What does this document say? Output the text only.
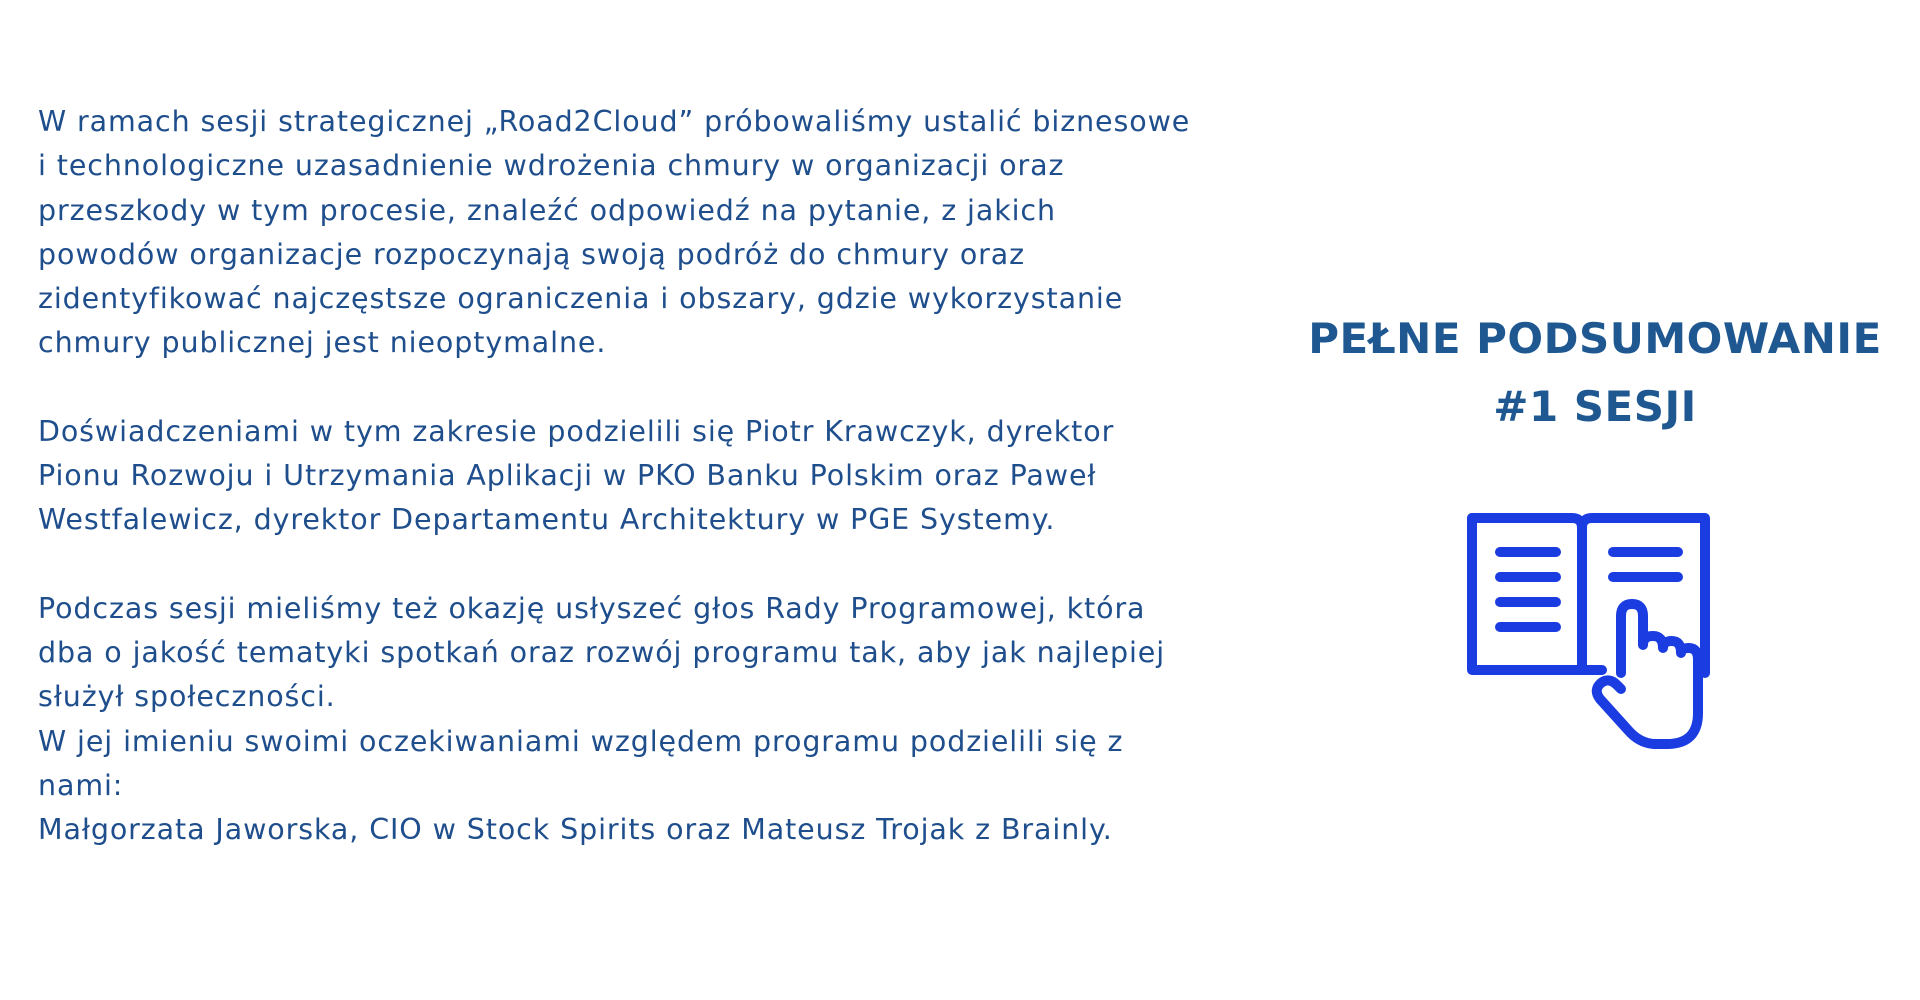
W ramach sesji strategicznej „Road2Cloud” próbowaliśmy ustalić biznesowe

i technologiczne uzasadnienie wdrożenia chmury w organizacji oraz

przeszkody w tym procesie, znaleźć odpowiedź na pytanie, z jakich

powodów organizacje rozpoczynają swoją podróż do chmury oraz

zidentyfikować najczęstsze ograniczenia i obszary, gdzie wykorzystanie

chmury publicznej jest nieoptymalne.

Doświadczeniami w tym zakresie podzielili się Piotr Krawczyk, dyrektor

Pionu Rozwoju i Utrzymania Aplikacji w PKO Banku Polskim oraz Paweł

Westfalewicz, dyrektor Departamentu Architektury w PGE Systemy.

Podczas sesji mieliśmy też okazję usłyszeć głos Rady Programowej, która

dba o jakość tematyki spotkań oraz rozwój programu tak, aby jak najlepiej

służył społeczności.

W jej imieniu swoimi oczekiwaniami względem programu podzielili się z

nami:

Małgorzata Jaworska, CIO w Stock Spirits oraz Mateusz Trojak z Brainly.

PEŁNE PODSUMOWANIE
#1 SESJI
